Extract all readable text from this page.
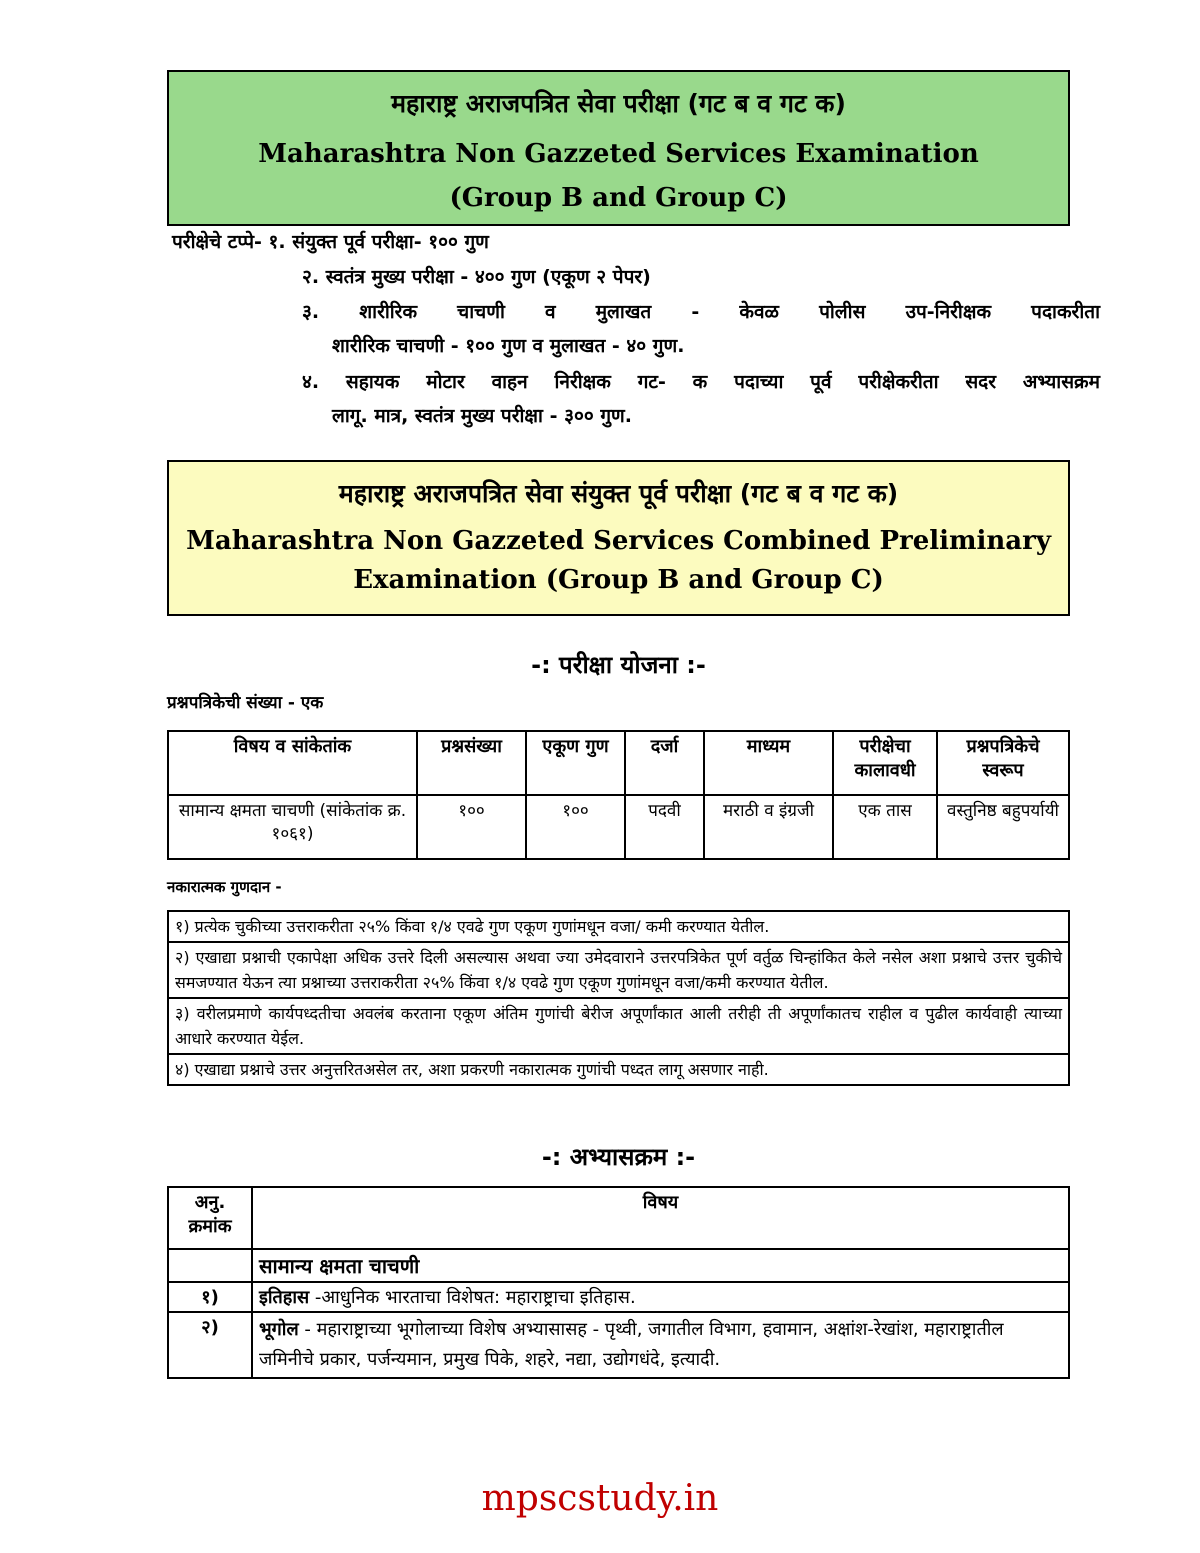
महाराष्ट्र अराजपत्रित सेवा परीक्षा (गट ब व गट क)
Maharashtra Non Gazzeted Services Examination
(Group B and Group C)
परीक्षेचे टप्पे- १. संयुक्त पूर्व परीक्षा- १०० गुण
२. स्वतंत्र मुख्य परीक्षा - ४०० गुण (एकूण २ पेपर)
३. शारीरिक चाचणी व मुलाखत - केवळ पोलीस उप-निरीक्षक पदाकरीता
शारीरिक चाचणी - १०० गुण व मुलाखत - ४० गुण.
४. सहायक मोटार वाहन निरीक्षक गट- क पदाच्या पूर्व परीक्षेकरीता सदर अभ्यासक्रम
लागू. मात्र, स्वतंत्र मुख्य परीक्षा - ३०० गुण.
महाराष्ट्र अराजपत्रित सेवा संयुक्त पूर्व परीक्षा (गट ब व गट क)
Maharashtra Non Gazzeted Services Combined Preliminary
Examination (Group B and Group C)
-: परीक्षा योजना :-
प्रश्नपत्रिकेची संख्या - एक
विषय व सांकेतांक	प्रश्नसंख्या	एकूण गुण	दर्जा	माध्यम	परीक्षेचा कालावधी	प्रश्नपत्रिकेचे स्वरूप
सामान्य क्षमता चाचणी (सांकेतांक क्र. १०६१)	१००	१००	पदवी	मराठी व इंग्रजी	एक तास	वस्तुनिष्ठ बहुपर्यायी
नकारात्मक गुणदान -
१) प्रत्येक चुकीच्या उत्तराकरीता २५% किंवा १/४ एवढे गुण एकूण गुणांमधून वजा/ कमी करण्यात येतील.
२) एखाद्या प्रश्नाची एकापेक्षा अधिक उत्तरे दिली असल्यास अथवा ज्या उमेदवाराने उत्तरपत्रिकेत पूर्ण वर्तुळ चिन्हांकित केले नसेल अशा प्रश्नाचे उत्तर चुकीचे समजण्यात येऊन त्या प्रश्नाच्या उत्तराकरीता २५% किंवा १/४ एवढे गुण एकूण गुणांमधून वजा/कमी करण्यात येतील.
३) वरीलप्रमाणे कार्यपध्दतीचा अवलंब करताना एकूण अंतिम गुणांची बेरीज अपूर्णांकात आली तरीही ती अपूर्णांकातच राहील व पुढील कार्यवाही त्याच्या आधारे करण्यात येईल.
४) एखाद्या प्रश्नाचे उत्तर अनुत्तरितअसेल तर, अशा प्रकरणी नकारात्मक गुणांची पध्दत लागू असणार नाही.
-: अभ्यासक्रम :-
अनु. क्रमांक	विषय
	सामान्य क्षमता चाचणी
१)	इतिहास -आधुनिक भारताचा विशेषत: महाराष्ट्राचा इतिहास.
२)	भूगोल - महाराष्ट्राच्या भूगोलाच्या विशेष अभ्यासासह - पृथ्वी, जगातील विभाग, हवामान, अक्षांश-रेखांश, महाराष्ट्रातील जमिनीचे प्रकार, पर्जन्यमान, प्रमुख पिके, शहरे, नद्या, उद्योगधंदे, इत्यादी.
mpscstudy.in
